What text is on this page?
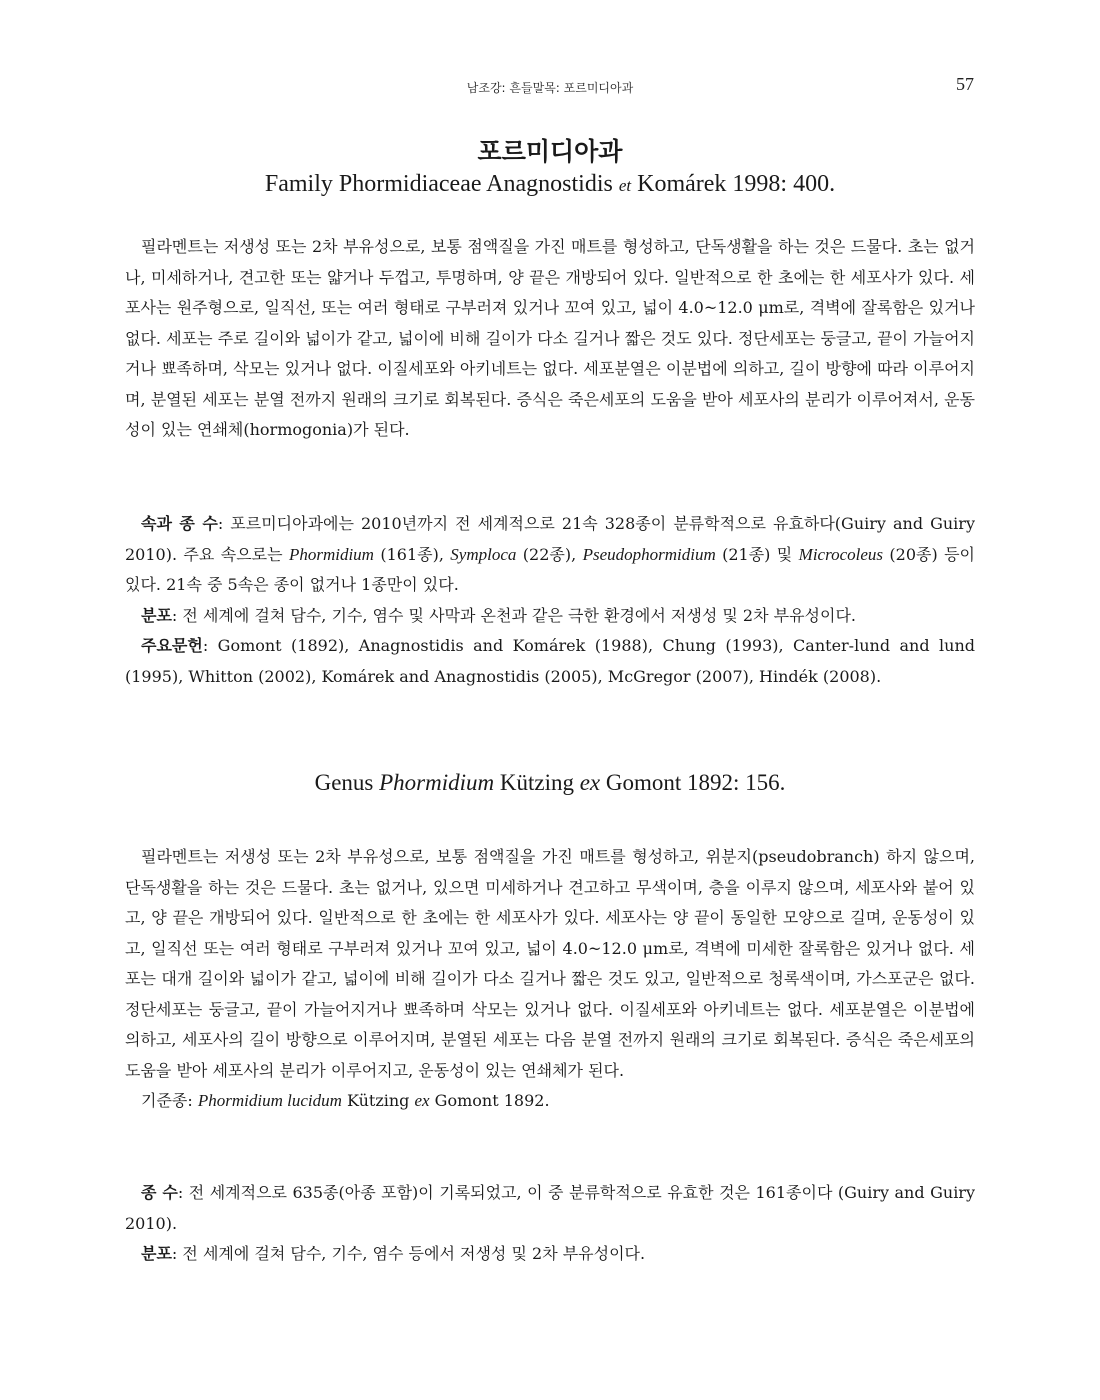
남조강: 흔들말목: 포르미디아과	57
포르미디아과
Family Phormidiaceae Anagnostidis et Komárek 1998: 400.

필라멘트는 저생성 또는 2차 부유성으로, 보통 점액질을 가진 매트를 형성하고, 단독생활을 하는 것은 드물다. 초는 없거나, 미세하거나, 견고한 또는 얇거나 두껍고, 투명하며, 양 끝은 개방되어 있다. 일반적으로 한 초에는 한 세포사가 있다. 세포사는 원주형으로, 일직선, 또는 여러 형태로 구부러져 있거나 꼬여 있고, 넓이 4.0~12.0 μm로, 격벽에 잘록함은 있거나 없다. 세포는 주로 길이와 넓이가 같고, 넓이에 비해 길이가 다소 길거나 짧은 것도 있다. 정단세포는 둥글고, 끝이 가늘어지거나 뾰족하며, 삭모는 있거나 없다. 이질세포와 아키네트는 없다. 세포분열은 이분법에 의하고, 길이 방향에 따라 이루어지며, 분열된 세포는 분열 전까지 원래의 크기로 회복된다. 증식은 죽은세포의 도움을 받아 세포사의 분리가 이루어져서, 운동성이 있는 연쇄체(hormogonia)가 된다.

속과 종 수: 포르미디아과에는 2010년까지 전 세계적으로 21속 328종이 분류학적으로 유효하다(Guiry and Guiry 2010). 주요 속으로는 Phormidium (161종), Symploca (22종), Pseudophormidium (21종) 및 Microcoleus (20종) 등이 있다. 21속 중 5속은 종이 없거나 1종만이 있다.

분포: 전 세계에 걸쳐 담수, 기수, 염수 및 사막과 온천과 같은 극한 환경에서 저생성 및 2차 부유성이다.

주요문헌: Gomont (1892), Anagnostidis and Komárek (1988), Chung (1993), Canter-lund and lund (1995), Whitton (2002), Komárek and Anagnostidis (2005), McGregor (2007), Hindék (2008).

Genus Phormidium Kützing ex Gomont 1892: 156.

필라멘트는 저생성 또는 2차 부유성으로, 보통 점액질을 가진 매트를 형성하고, 위분지(pseudobranch) 하지 않으며, 단독생활을 하는 것은 드물다. 초는 없거나, 있으면 미세하거나 견고하고 무색이며, 층을 이루지 않으며, 세포사와 붙어 있고, 양 끝은 개방되어 있다. 일반적으로 한 초에는 한 세포사가 있다. 세포사는 양 끝이 동일한 모양으로 길며, 운동성이 있고, 일직선 또는 여러 형태로 구부러져 있거나 꼬여 있고, 넓이 4.0~12.0 μm로, 격벽에 미세한 잘록함은 있거나 없다. 세포는 대개 길이와 넓이가 같고, 넓이에 비해 길이가 다소 길거나 짧은 것도 있고, 일반적으로 청록색이며, 가스포군은 없다. 정단세포는 둥글고, 끝이 가늘어지거나 뾰족하며 삭모는 있거나 없다. 이질세포와 아키네트는 없다. 세포분열은 이분법에 의하고, 세포사의 길이 방향으로 이루어지며, 분열된 세포는 다음 분열 전까지 원래의 크기로 회복된다. 증식은 죽은세포의 도움을 받아 세포사의 분리가 이루어지고, 운동성이 있는 연쇄체가 된다.

기준종: Phormidium lucidum Kützing ex Gomont 1892.

종 수: 전 세계적으로 635종(아종 포함)이 기록되었고, 이 중 분류학적으로 유효한 것은 161종이다 (Guiry and Guiry 2010).

분포: 전 세계에 걸쳐 담수, 기수, 염수 등에서 저생성 및 2차 부유성이다.
